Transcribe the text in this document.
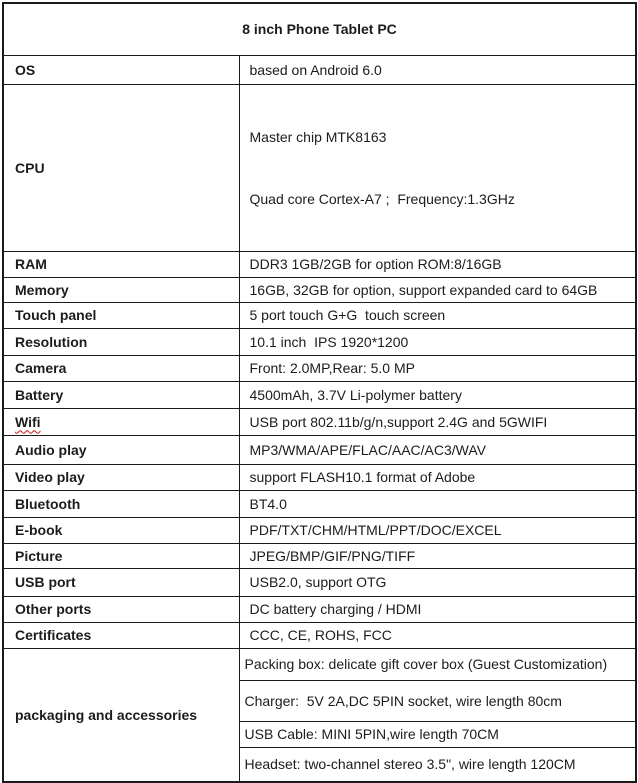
8 inch Phone Tablet PC	
OS	based on Android 6.0
CPU	Master chip MTK8163

Quad core Cortex-A7 ;  Frequency:1.3GHz

RAM	DDR3 1GB/2GB for option ROM:8/16GB
Memory	16GB, 32GB for option, support expanded card to 64GB
Touch panel	5 port touch G+G  touch screen
Resolution	10.1 inch  IPS 1920*1200
Camera	Front: 2.0MP,Rear: 5.0 MP
Battery	4500mAh, 3.7V Li-polymer battery
Wifi	USB port 802.11b/g/n,support 2.4G and 5GWIFI
Audio play	MP3/WMA/APE/FLAC/AAC/AC3/WAV
Video play	support FLASH10.1 format of Adobe
Bluetooth	BT4.0
E-book	PDF/TXT/CHM/HTML/PPT/DOC/EXCEL
Picture	JPEG/BMP/GIF/PNG/TIFF
USB port	USB2.0, support OTG
Other ports	DC battery charging / HDMI
Certificates	CCC, CE, ROHS, FCC
packaging and accessories	Packing box: delicate gift cover box (Guest Customization)
	Charger:  5V 2A,DC 5PIN socket, wire length 80cm
	USB Cable: MINI 5PIN,wire length 70CM
	Headset: two-channel stereo 3.5", wire length 120CM
